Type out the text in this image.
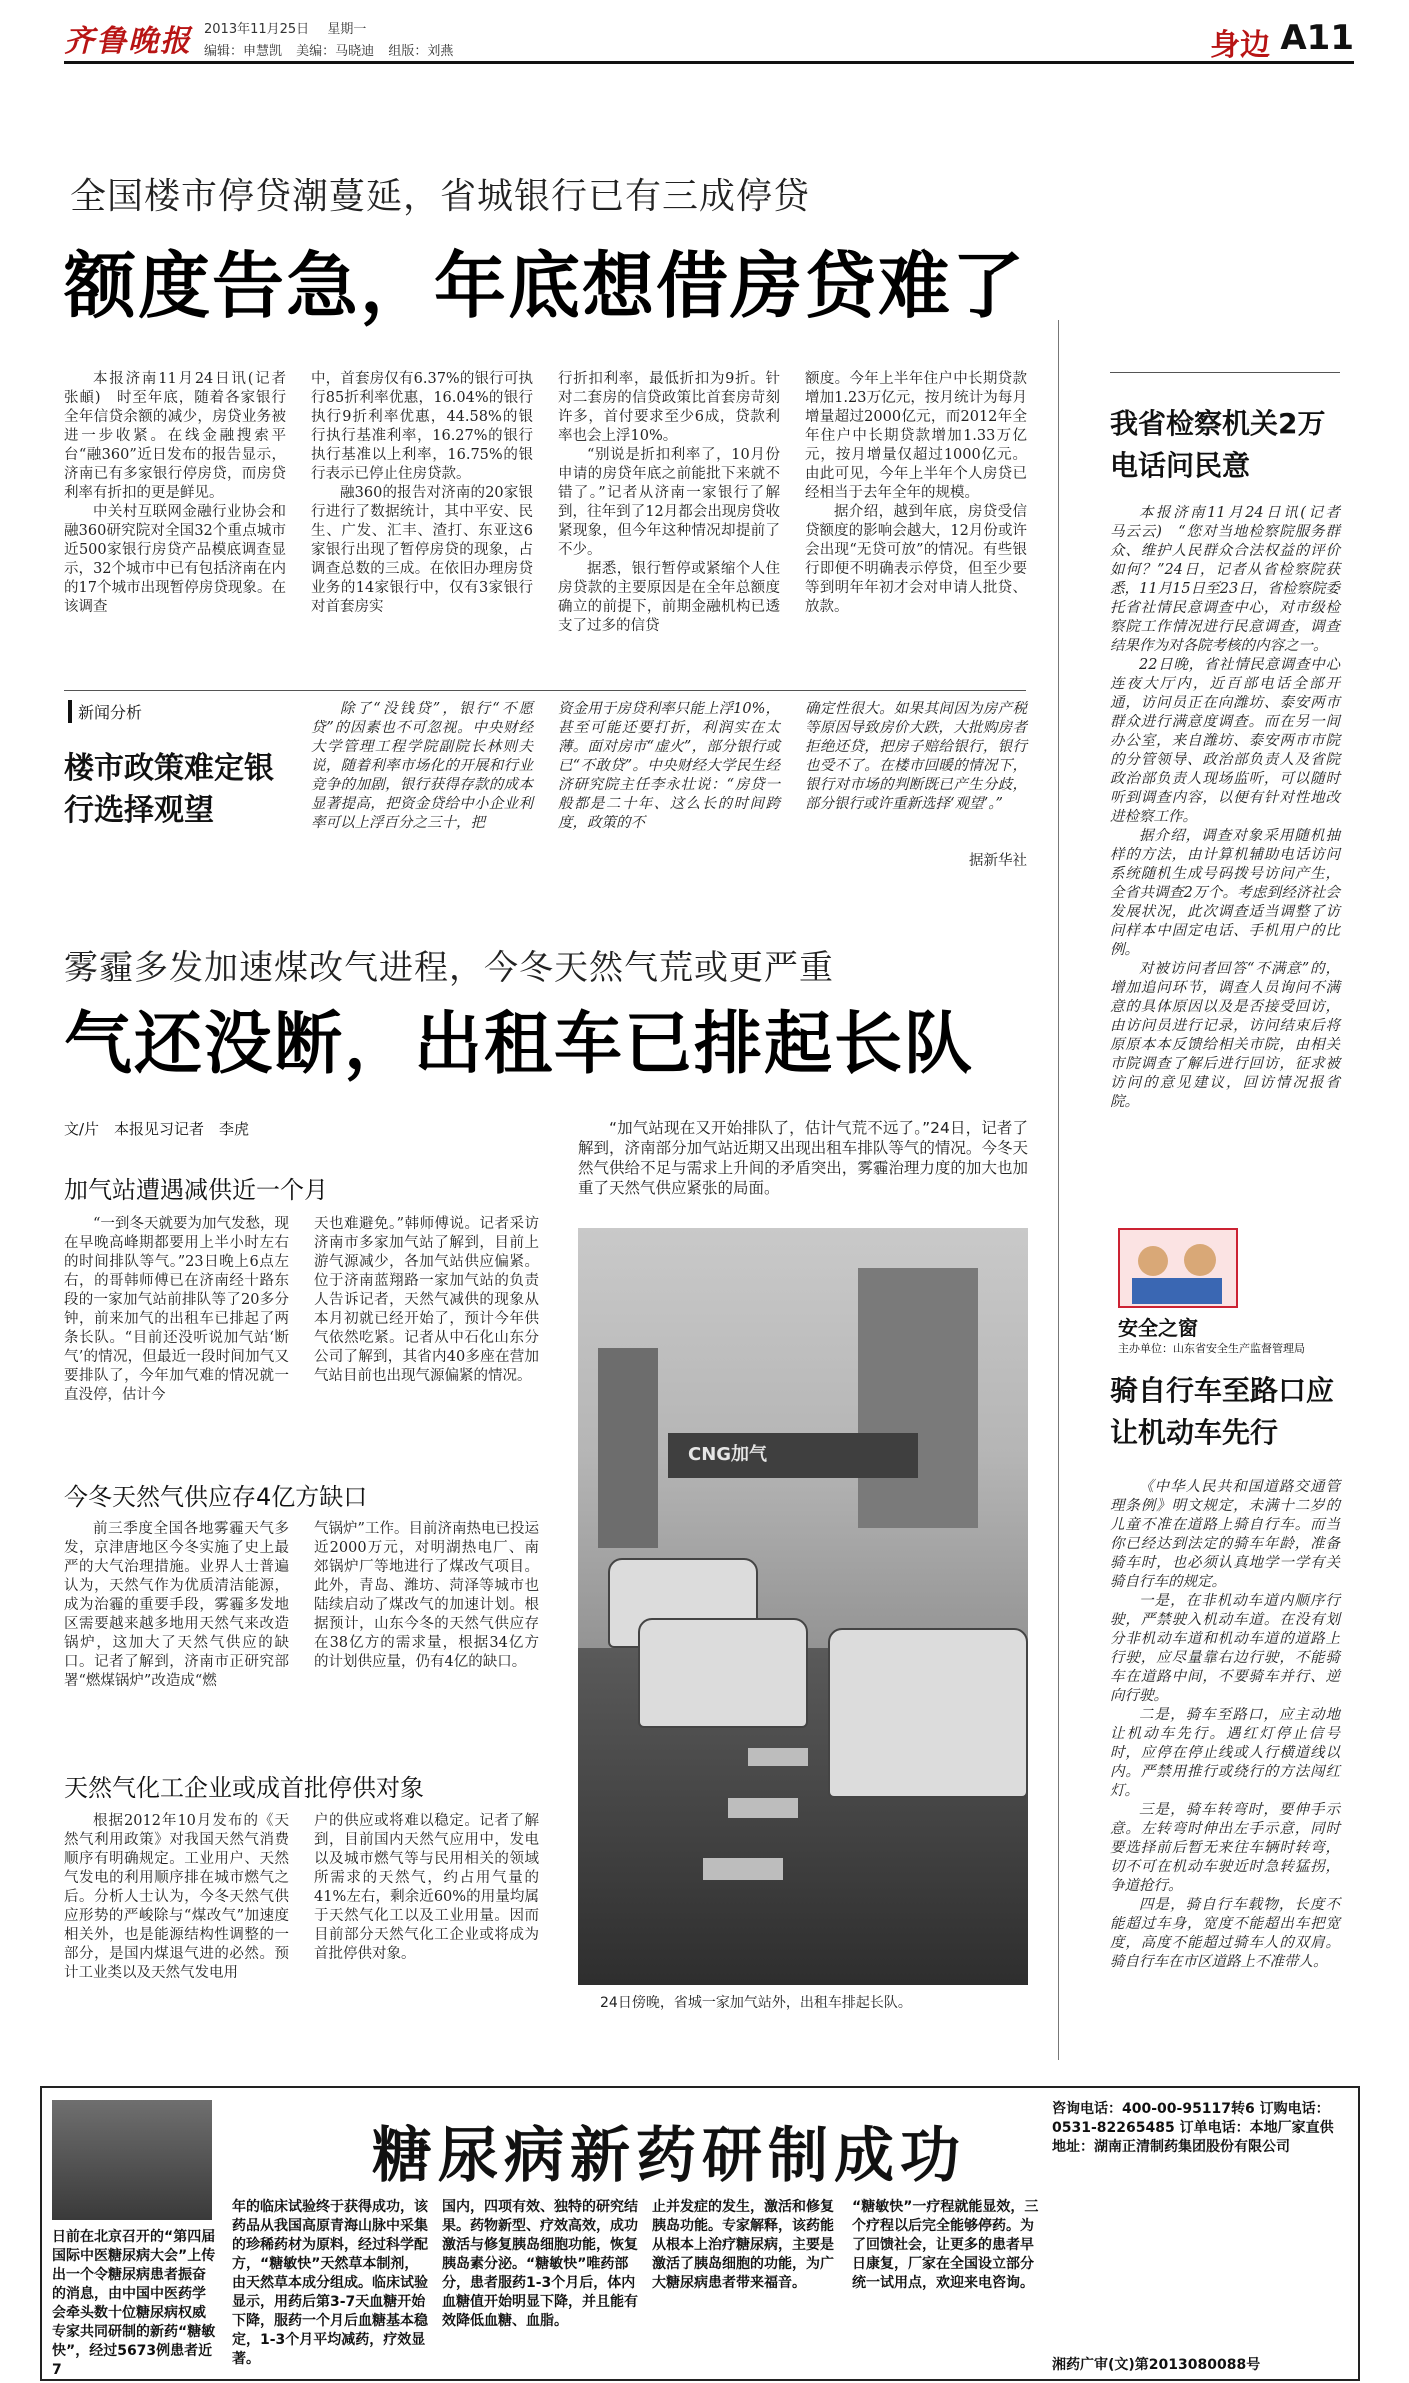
齐鲁晚报 2013年11月25日 星期一
编辑：申慧凯 美编：马晓迪 组版：刘燕	身边 A11
全国楼市停贷潮蔓延，省城银行已有三成停贷
额度告急，年底想借房贷难了

本报济南11月24日讯(记者　张頔)　时至年底，随着各家银行全年信贷余额的减少，房贷业务被进一步收紧。在线金融搜索平台“融360”近日发布的报告显示，济南已有多家银行停房贷，而房贷利率有折扣的更是鲜见。

中关村互联网金融行业协会和融360研究院对全国32个重点城市近500家银行房贷产品模底调查显示，32个城市中已有包括济南在内的17个城市出现暂停房贷现象。在该调查

中，首套房仅有6.37%的银行可执行85折利率优惠，16.04%的银行执行9折利率优惠，44.58%的银行执行基准利率，16.27%的银行执行基准以上利率，16.75%的银行表示已停止住房贷款。

融360的报告对济南的20家银行进行了数据统计，其中平安、民生、广发、汇丰、渣打、东亚这6家银行出现了暂停房贷的现象，占调查总数的三成。在依旧办理房贷业务的14家银行中，仅有3家银行对首套房实

行折扣利率，最低折扣为9折。针对二套房的信贷政策比首套房苛刻许多，首付要求至少6成，贷款利率也会上浮10%。

“别说是折扣利率了，10月份申请的房贷年底之前能批下来就不错了。”记者从济南一家银行了解到，往年到了12月都会出现房贷收紧现象，但今年这种情况却提前了不少。

据悉，银行暂停或紧缩个人住房贷款的主要原因是在全年总额度确立的前提下，前期金融机构已透支了过多的信贷

额度。今年上半年住户中长期贷款增加1.23万亿元，按月统计为每月增量超过2000亿元，而2012年全年住户中长期贷款增加1.33万亿元，按月增量仅超过1000亿元。由此可见，今年上半年个人房贷已经相当于去年全年的规模。

据介绍，越到年底，房贷受信贷额度的影响会越大，12月份或许会出现“无贷可放”的情况。有些银行即便不明确表示停贷，但至少要等到明年年初才会对申请人批贷、放款。

新闻分析
楼市政策难定银行选择观望

除了“没钱贷”，银行“不愿贷”的因素也不可忽视。中央财经大学管理工程学院副院长林则夫说，随着利率市场化的开展和行业竞争的加剧，银行获得存款的成本显著提高，把资金贷给中小企业利率可以上浮百分之三十，把

资金用于房贷利率只能上浮10%，甚至可能还要打折，利润实在太薄。面对房市“虚火”，部分银行或已“不敢贷”。中央财经大学民生经济研究院主任李永壮说：“房贷一般都是二十年、这么长的时间跨度，政策的不

确定性很大。如果其间因为房产税等原因导致房价大跌，大批购房者拒绝还贷，把房子赔给银行，银行也受不了。在楼市回暖的情况下，银行对市场的判断既已产生分歧，部分银行或许重新选择‘观望’。”

据新华社
雾霾多发加速煤改气进程，今冬天然气荒或更严重
气还没断，出租车已排起长队
文/片　本报见习记者　李虎	“加气站现在又开始排队了，估计气荒不远了。”24日，记者了解到，济南部分加气站近期又出现出租车排队等气的情况。今冬天然气供给不足与需求上升间的矛盾突出，雾霾治理力度的加大也加重了天然气供应紧张的局面。

加气站遭遇减供近一个月

“一到冬天就要为加气发愁，现在早晚高峰期都要用上半小时左右的时间排队等气。”23日晚上6点左右，的哥韩师傅已在济南经十路东段的一家加气站前排队等了20多分钟，前来加气的出租车已排起了两条长队。“目前还没听说加气站‘断气’的情况，但最近一段时间加气又要排队了，今年加气难的情况就一直没停，估计今

天也难避免。”韩师傅说。记者采访济南市多家加气站了解到，目前上游气源减少，各加气站供应偏紧。位于济南蓝翔路一家加气站的负责人告诉记者，天然气减供的现象从本月初就已经开始了，预计今年供气依然吃紧。记者从中石化山东分公司了解到，其省内40多座在营加气站目前也出现气源偏紧的情况。

今冬天然气供应存4亿方缺口

前三季度全国各地雾霾天气多发，京津唐地区今冬实施了史上最严的大气治理措施。业界人士普遍认为，天然气作为优质清洁能源，成为治霾的重要手段，雾霾多发地区需要越来越多地用天然气来改造锅炉，这加大了天然气供应的缺口。记者了解到，济南市正研究部署“燃煤锅炉”改造成“燃

气锅炉”工作。目前济南热电已投运近2000万元，对明湖热电厂、南郊锅炉厂等地进行了煤改气项目。此外，青岛、潍坊、菏泽等城市也陆续启动了煤改气的加速计划。根据预计，山东今冬的天然气供应存在38亿方的需求量，根据34亿方的计划供应量，仍有4亿的缺口。

天然气化工企业或成首批停供对象

根据2012年10月发布的《天然气利用政策》对我国天然气消费顺序有明确规定。工业用户、天然气发电的利用顺序排在城市燃气之后。分析人士认为，今冬天然气供应形势的严峻除与“煤改气”加速度相关外，也是能源结构性调整的一部分，是国内煤退气进的必然。预计工业类以及天然气发电用

户的供应或将难以稳定。记者了解到，目前国内天然气应用中，发电以及城市燃气等与民用相关的领域所需求的天然气，约占用气量的41%左右，剩余近60%的用量均属于天然气化工以及工业用量。因而目前部分天然气化工企业或将成为首批停供对象。

CNG加气
24日傍晚，省城一家加气站外，出租车排起长队。
我省检察机关2万电话问民意

本报济南11月24日讯(记者　马云云)　“您对当地检察院服务群众、维护人民群众合法权益的评价如何？”24日，记者从省检察院获悉，11月15日至23日，省检察院委托省社情民意调查中心，对市级检察院工作情况进行民意调查，调查结果作为对各院考核的内容之一。

22日晚，省社情民意调查中心连夜大厅内，近百部电话全部开通，访问员正在向潍坊、泰安两市群众进行满意度调查。而在另一间办公室，来自潍坊、泰安两市市院的分管领导、政治部负责人及省院政治部负责人现场监听，可以随时听到调查内容，以便有针对性地改进检察工作。

据介绍，调查对象采用随机抽样的方法，由计算机辅助电话访问系统随机生成号码拨号访问产生，全省共调查2万个。考虑到经济社会发展状况，此次调查适当调整了访问样本中固定电话、手机用户的比例。

对被访问者回答“不满意”的，增加追问环节，调查人员询问不满意的具体原因以及是否接受回访，由访问员进行记录，访问结束后将原原本本反馈给相关市院，由相关市院调查了解后进行回访，征求被访问的意见建议，回访情况报省院。

安全之窗
主办单位：山东省安全生产监督管理局
骑自行车至路口应让机动车先行

《中华人民共和国道路交通管理条例》明文规定，未满十二岁的儿童不准在道路上骑自行车。而当你已经达到法定的骑车年龄，准备骑车时，也必须认真地学一学有关骑自行车的规定。

一是，在非机动车道内顺序行驶，严禁驶入机动车道。在没有划分非机动车道和机动车道的道路上行驶，应尽量靠右边行驶，不能骑车在道路中间，不要骑车并行、逆向行驶。

二是，骑车至路口，应主动地让机动车先行。遇红灯停止信号时，应停在停止线或人行横道线以内。严禁用推行或绕行的方法闯红灯。

三是，骑车转弯时，要伸手示意。左转弯时伸出左手示意，同时要选择前后暂无来往车辆时转弯，切不可在机动车驶近时急转猛拐，争道抢行。

四是，骑自行车载物，长度不能超过车身，宽度不能超出车把宽度，高度不能超过骑车人的双肩。骑自行车在市区道路上不准带人。

糖尿病新药研制成功
日前在北京召开的“第四届国际中医糖尿病大会”上传出一个令糖尿病患者振奋的消息，由中国中医药学会牵头数十位糖尿病权威专家共同研制的新药“糖敏快”，经过5673例患者近7
年的临床试验终于获得成功，该药品从我国高原青海山脉中采集的珍稀药材为原料，经过科学配方，“糖敏快”天然草本制剂，由天然草本成分组成。临床试验显示，用药后第3-7天血糖开始下降，服药一个月后血糖基本稳定，1-3个月平均减药，疗效显著。
国内，四项有效、独特的研究结果。药物新型、疗效高效，成功激活与修复胰岛细胞功能，恢复胰岛素分泌。“糖敏快”唯药部分，患者服药1-3个月后，体内血糖值开始明显下降，并且能有效降低血糖、血脂。
止并发症的发生，激活和修复胰岛功能。专家解释，该药能从根本上治疗糖尿病，主要是激活了胰岛细胞的功能，为广大糖尿病患者带来福音。
“糖敏快”一疗程就能显效，三个疗程以后完全能够停药。为了回馈社会，让更多的患者早日康复，厂家在全国设立部分统一试用点，欢迎来电咨询。
咨询电话：400-00-95117转6 订购电话：0531-82265485 订单电话：本地厂家直供 地址：湖南正清制药集团股份有限公司
湘药广审(文)第2013080088号
